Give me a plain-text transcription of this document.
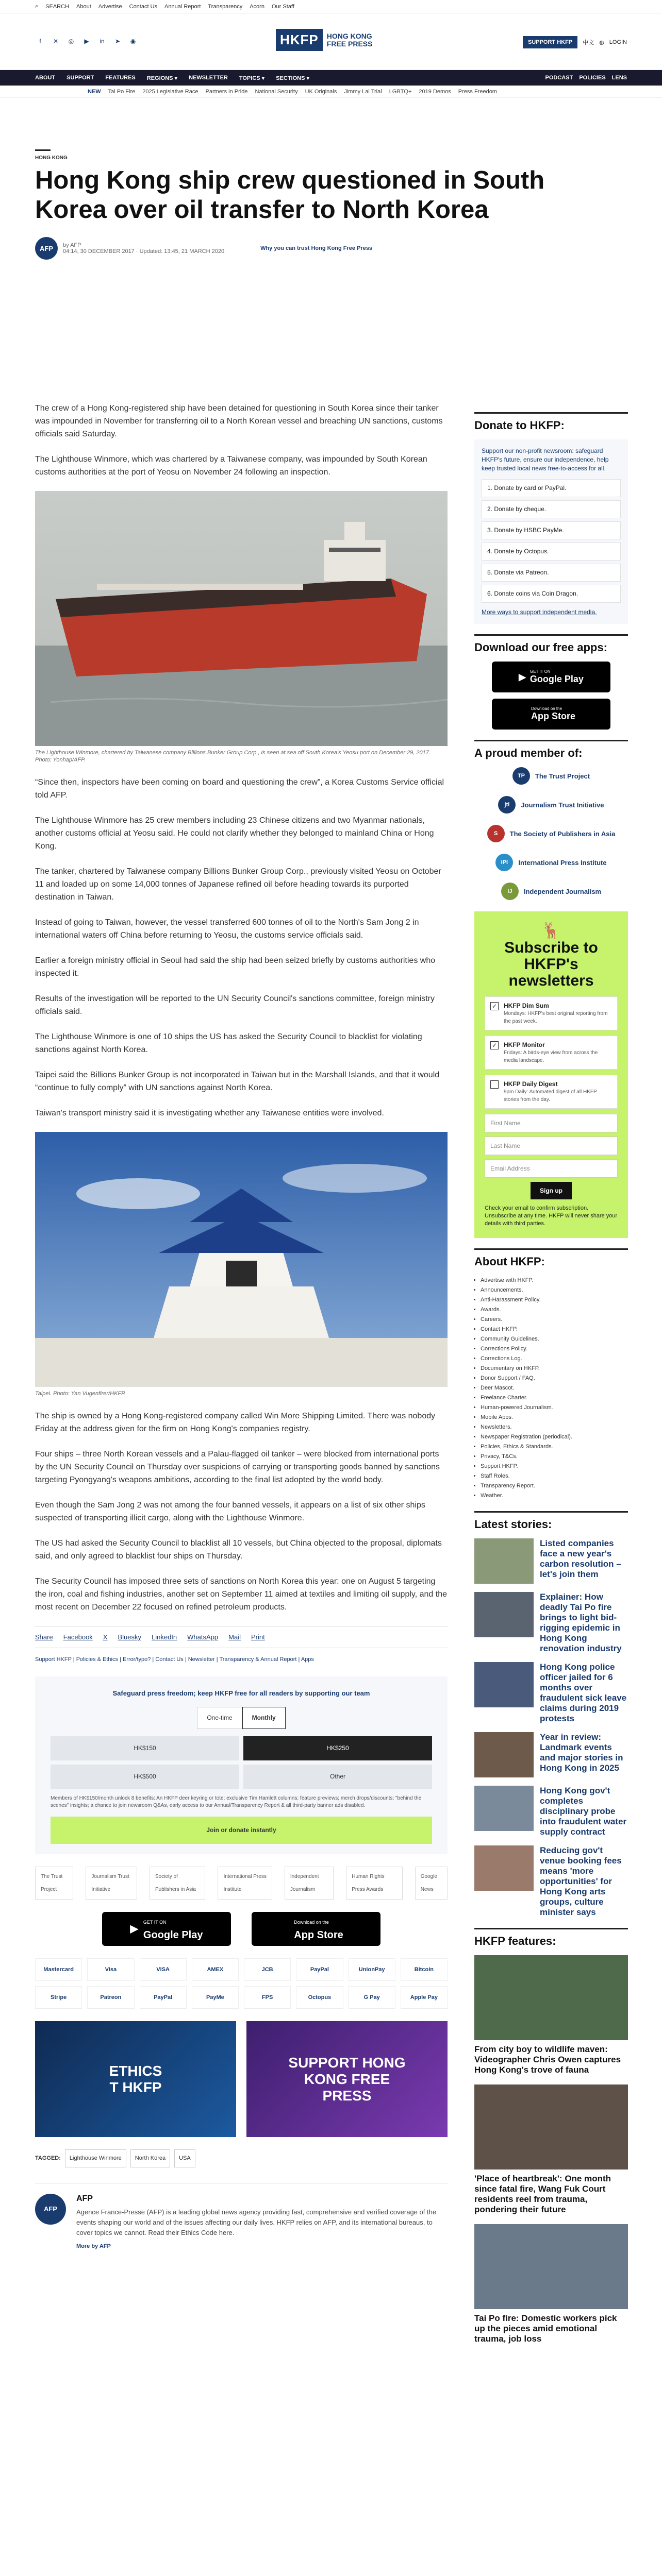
⌕ SEARCH About Advertise Contact Us Annual Report Transparency Acorn Our Staff
f	✕	◎	▶	in	➤	◉	HKFP	HONG KONG
FREE PRESS	SUPPORT HKFP	中文 ◍ LOGIN
ABOUT SUPPORT FEATURES REGIONS ▾ NEWSLETTER TOPICS ▾ SECTIONS ▾	PODCAST POLICIES LENS
NEW Tai Po Fire 2025 Legislative Race Partners in Pride National Security UK Originals Jimmy Lai Trial LGBTQ+ 2019 Demos Press Freedom
HONG KONG
Hong Kong ship crew questioned in South Korea over oil transfer to North Korea
AFP	by AFP
04:14, 30 DECEMBER 2017 · Updated: 13:45, 21 MARCH 2020	Why you can trust Hong Kong Free Press

The crew of a Hong Kong-registered ship have been detained for questioning in South Korea since their tanker was impounded in November for transferring oil to a North Korean vessel and breaching UN sanctions, customs officials said Saturday.

The Lighthouse Winmore, which was chartered by a Taiwanese company, was impounded by South Korean customs authorities at the port of Yeosu on November 24 following an inspection.

The Lighthouse Winmore, chartered by Taiwanese company Billions Bunker Group Corp., is seen at sea off South Korea's Yeosu port on December 29, 2017. Photo: Yonhap/AFP.

“Since then, inspectors have been coming on board and questioning the crew”, a Korea Customs Service official told AFP.

The Lighthouse Winmore has 25 crew members including 23 Chinese citizens and two Myanmar nationals, another customs official at Yeosu said. He could not clarify whether they belonged to mainland China or Hong Kong.

The tanker, chartered by Taiwanese company Billions Bunker Group Corp., previously visited Yeosu on October 11 and loaded up on some 14,000 tonnes of Japanese refined oil before heading towards its purported destination in Taiwan.

Instead of going to Taiwan, however, the vessel transferred 600 tonnes of oil to the North's Sam Jong 2 in international waters off China before returning to Yeosu, the customs service officials said.

Earlier a foreign ministry official in Seoul had said the ship had been seized briefly by customs authorities who inspected it.

Results of the investigation will be reported to the UN Security Council's sanctions committee, foreign ministry officials said.

The Lighthouse Winmore is one of 10 ships the US has asked the Security Council to blacklist for violating sanctions against North Korea.

Taipei said the Billions Bunker Group is not incorporated in Taiwan but in the Marshall Islands, and that it would “continue to fully comply” with UN sanctions against North Korea.

Taiwan's transport ministry said it is investigating whether any Taiwanese entities were involved.

Taipei. Photo: Yan Vugenfirer/HKFP.

The ship is owned by a Hong Kong-registered company called Win More Shipping Limited. There was nobody Friday at the address given for the firm on Hong Kong's companies registry.

Four ships – three North Korean vessels and a Palau-flagged oil tanker – were blocked from international ports by the UN Security Council on Thursday over suspicions of carrying or transporting goods banned by sanctions targeting Pyongyang's weapons ambitions, according to the final list adopted by the world body.

Even though the Sam Jong 2 was not among the four banned vessels, it appears on a list of six other ships suspected of transporting illicit cargo, along with the Lighthouse Winmore.

The US had asked the Security Council to blacklist all 10 vessels, but China objected to the proposal, diplomats said, and only agreed to blacklist four ships on Thursday.

The Security Council has imposed three sets of sanctions on North Korea this year: one on August 5 targeting the iron, coal and fishing industries, another set on September 11 aimed at textiles and limiting oil supply, and the most recent on December 22 focused on refined petroleum products.

Share Facebook X Bluesky LinkedIn WhatsApp Mail Print
Support HKFP | Policies & Ethics | Error/typo? | Contact Us | Newsletter | Transparency & Annual Report | Apps
Safeguard press freedom; keep HKFP free for all readers by supporting our team
One-time	Monthly
HK$150	HK$250
HK$500	Other
Members of HK$150/month unlock 8 benefits: An HKFP deer keyring or tote; exclusive Tim Hamlett columns; feature previews; merch drops/discounts; "behind the scenes" insights; a chance to join newsroom Q&As, early access to our Annual/Transparency Report & all third-party banner ads disabled.
Join or donate instantly
The Trust Project
Journalism Trust Initiative
Society of Publishers in Asia
International Press Institute
Independent Journalism
Human Rights Press Awards
Google News
▶
GET IT ON
Google Play
Download on the
App Store
Mastercard	Visa	VISA	AMEX	JCB	PayPal	UnionPay	Bitcoin
Stripe	Patreon	PayPal	PayMe	FPS	Octopus	G Pay	Apple Pay
ETHICS
T HKFP
SUPPORT HONG
KONG FREE
PRESS
TAGGED:	Lighthouse Winmore	North Korea	USA
AFP
AFP
Agence France-Presse (AFP) is a leading global news agency providing fast, comprehensive and verified coverage of the events shaping our world and of the issues affecting our daily lives. HKFP relies on AFP, and its international bureaus, to cover topics we cannot. Read their Ethics Code here.
More by AFP
Donate to HKFP:
Support our non-profit newsroom: safeguard HKFP's future, ensure our independence, help keep trusted local news free-to-access for all.
1. Donate by card or PayPal.
2. Donate by cheque.
3. Donate by HSBC PayMe.
4. Donate by Octopus.
5. Donate via Patreon.
6. Donate coins via Coin Dragon.
More ways to support independent media.
Download our free apps:
▶ GET IT ON
Google Play
Download on the
App Store
A proud member of:
TP	The Trust Project
jti	Journalism Trust Initiative
S	The Society of Publishers in Asia
IPI	International Press Institute
IJ	Independent Journalism
🦌
Subscribe to HKFP's newsletters
✓ HKFP Dim Sum
Mondays: HKFP's best original reporting from the past week.
✓ HKFP Monitor
Fridays: A birds-eye view from across the media landscape.
HKFP Daily Digest
9pm Daily: Automated digest of all HKFP stories from the day.
First Name
Last Name
Email Address
Sign up
Check your email to confirm subscription. Unsubscribe at any time. HKFP will never share your details with third parties.
About HKFP:
• Advertise with HKFP.
• Announcements.
• Anti-Harassment Policy.
• Awards.
• Careers.
• Contact HKFP.
• Community Guidelines.
• Corrections Policy.
• Corrections Log.
• Documentary on HKFP.
• Donor Support / FAQ.
• Deer Mascot.
• Freelance Charter.
• Human-powered Journalism.
• Mobile Apps.
• Newsletters.
• Newspaper Registration (periodical).
• Policies, Ethics & Standards.
• Privacy, T&Cs.
• Support HKFP.
• Staff Roles.
• Transparency Report.
• Weather.
Latest stories:
Listed companies face a new year's carbon resolution – let's join them
Explainer: How deadly Tai Po fire brings to light bid-rigging epidemic in Hong Kong renovation industry
Hong Kong police officer jailed for 6 months over fraudulent sick leave claims during 2019 protests
Year in review: Landmark events and major stories in Hong Kong in 2025
Hong Kong gov't completes disciplinary probe into fraudulent water supply contract
Reducing gov't venue booking fees means 'more opportunities' for Hong Kong arts groups, culture minister says
HKFP features:
From city boy to wildlife maven: Videographer Chris Owen captures Hong Kong's trove of fauna
'Place of heartbreak': One month since fatal fire, Wang Fuk Court residents reel from trauma, pondering their future
Tai Po fire: Domestic workers pick up the pieces amid emotional trauma, job loss
